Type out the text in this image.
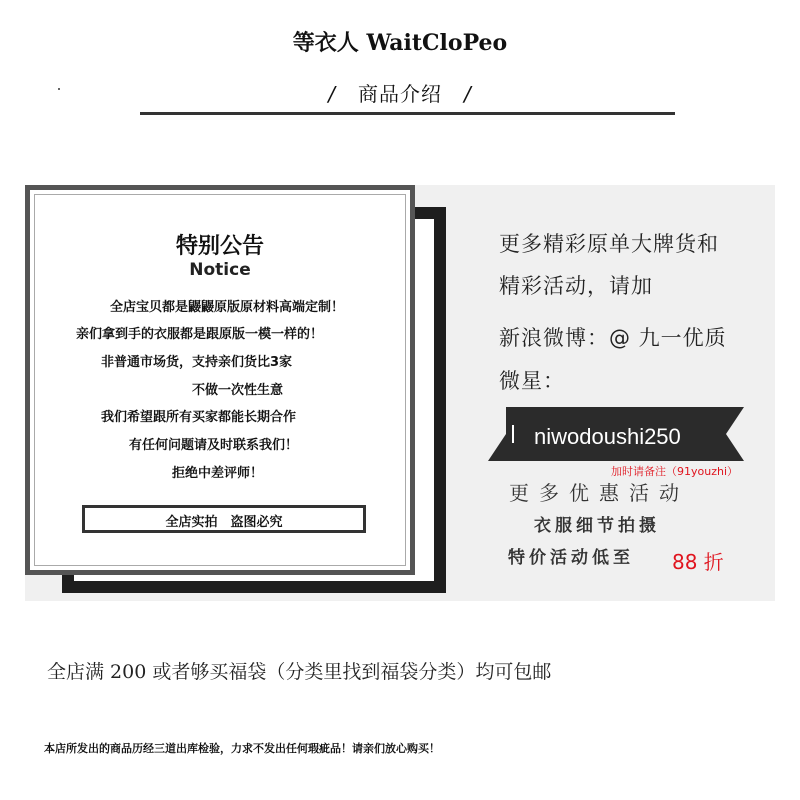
等衣人 WaitCloPeo
/ 商品介绍 /
特别公告
Notice
全店宝贝都是鼹鼹原版原材料高端定制！
亲们拿到手的衣服都是跟原版一模一样的！
非普通市场货，支持亲们货比3家
不做一次性生意
我们希望跟所有买家都能长期合作
有任何问题请及时联系我们！
拒绝中差评师！
全店实拍　盗图必究
更多精彩原单大牌货和
精彩活动，请加
新浪微博：@ 九一优质
微星：
niwodoushi250
加时请备注（91youzhi）
更多优惠活动
衣服细节拍摄
特价活动低至 88 折
全店满 200 或者够买福袋（分类里找到福袋分类）均可包邮
本店所发出的商品历经三道出库检验，力求不发出任何瑕疵品！请亲们放心购买！
